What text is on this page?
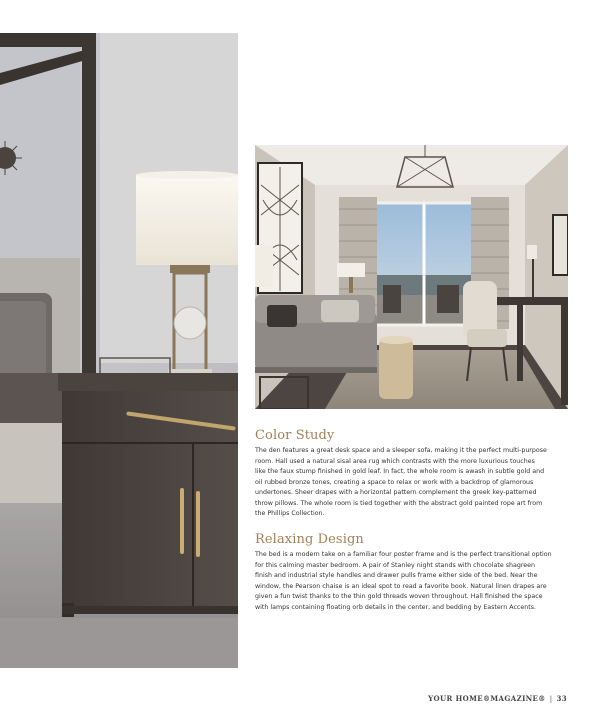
Color Study

The den features a great desk space and a sleeper sofa, making it the perfect multi-purpose
room. Hall used a natural sisal area rug which contrasts with the more luxurious touches
like the faux stump finished in gold leaf. In fact, the whole room is awash in subtle gold and
oil rubbed bronze tones, creating a space to relax or work with a backdrop of glamorous
undertones. Sheer drapes with a horizontal pattern complement the greek key-patterned
throw pillows. The whole room is tied together with the abstract gold painted rope art from
the Phillips Collection.

Relaxing Design

The bed is a modern take on a familiar four poster frame and is the perfect transitional option
for this calming master bedroom. A pair of Stanley night stands with chocolate shagreen
finish and industrial style handles and drawer pulls frame either side of the bed. Near the
window, the Pearson chaise is an ideal spot to read a favorite book. Natural linen drapes are
given a fun twist thanks to the thin gold threads woven throughout. Hall finished the space
with lamps containing floating orb details in the center, and bedding by Eastern Accents.

YOUR HOME®MAGAZINE® | 33
